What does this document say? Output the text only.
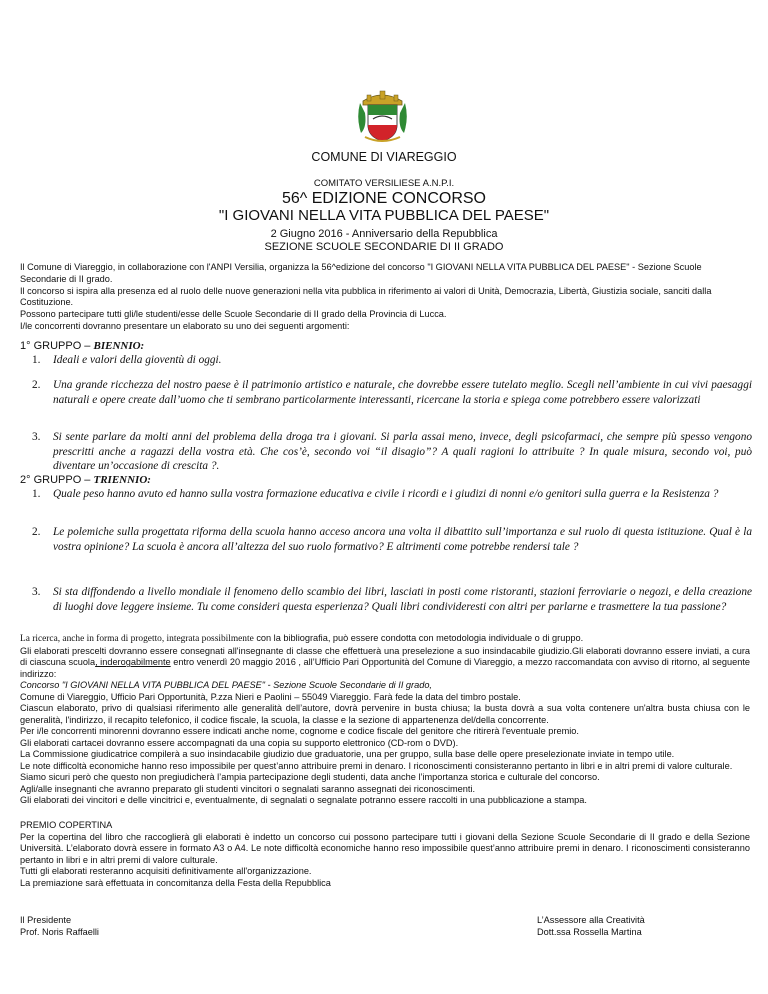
COMUNE DI VIAREGGIO
COMITATO VERSILIESE A.N.P.I.
56^ EDIZIONE CONCORSO
"I GIOVANI NELLA VITA PUBBLICA DEL PAESE"
2 Giugno 2016 - Anniversario della Repubblica
SEZIONE SCUOLE SECONDARIE DI II GRADO

Il Comune di Viareggio, in collaborazione con l'ANPI Versilia, organizza la 56^edizione del concorso "I GIOVANI NELLA VITA PUBBLICA DEL PAESE" - Sezione Scuole Secondarie di II grado.

Il concorso si ispira alla presenza ed al ruolo delle nuove generazioni nella vita pubblica in riferimento ai valori di Unità, Democrazia, Libertà, Giustizia sociale, sanciti dalla Costituzione.

Possono partecipare tutti gli/le studenti/esse delle Scuole Secondarie di II grado della Provincia di Lucca.

I/le concorrenti dovranno presentare un elaborato su uno dei seguenti argomenti:

1° GRUPPO – BIENNIO:
1. Ideali e valori della gioventù di oggi.
2. Una grande ricchezza del nostro paese è il patrimonio artistico e naturale, che dovrebbe essere tutelato meglio. Scegli nell’ambiente in cui vivi paesaggi naturali e opere create dall’uomo che ti sembrano particolarmente interessanti, ricercane la storia e spiega come potrebbero essere valorizzati
3. Si sente parlare da molti anni del problema della droga tra i giovani. Si parla assai meno, invece, degli psicofarmaci, che sempre più spesso vengono prescritti anche a ragazzi della vostra età. Che cos’è, secondo voi “il disagio”? A quali ragioni lo attribuite ? In quale misura, secondo voi, può diventare un’occasione di crescita ?.
2° GRUPPO – TRIENNIO:
1. Quale peso hanno avuto ed hanno sulla vostra formazione educativa e civile i ricordi e i giudizi di nonni e/o genitori sulla guerra e la Resistenza ?
2. Le polemiche sulla progettata riforma della scuola hanno acceso ancora una volta il dibattito sull’importanza e sul ruolo di questa istituzione. Qual è la vostra opinione? La scuola è ancora all’altezza del suo ruolo formativo? E altrimenti come potrebbe rendersi tale ?
3. Si sta diffondendo a livello mondiale il fenomeno dello scambio dei libri, lasciati in posti come ristoranti, stazioni ferroviarie o negozi, e della creazione di luoghi dove leggere insieme. Tu come consideri questa esperienza? Quali libri condivideresti con altri per parlarne e trasmettere la tua passione?

La ricerca, anche in forma di progetto, integrata possibilmente con la bibliografia, può essere condotta con metodologia individuale o di gruppo.

Gli elaborati prescelti dovranno essere consegnati all'insegnante di classe che effettuerà una preselezione a suo insindacabile giudizio.Gli elaborati dovranno essere inviati, a cura di ciascuna scuola, inderogabilmente entro venerdì 20 maggio 2016 , all’Ufficio Pari Opportunità del Comune di Viareggio, a mezzo raccomandata con avviso di ritorno, al seguente indirizzo:

Concorso "I GIOVANI NELLA VITA PUBBLICA DEL PAESE" - Sezione Scuole Secondarie di II grado,

Comune di Viareggio, Ufficio Pari Opportunità, P.zza Nieri e Paolini – 55049 Viareggio. Farà fede la data del timbro postale.

Ciascun elaborato, privo di qualsiasi riferimento alle generalità dell’autore, dovrà pervenire in busta chiusa; la busta dovrà a sua volta contenere un'altra busta chiusa con le generalità, l'indirizzo, il recapito telefonico, il codice fiscale, la scuola, la classe e la sezione di appartenenza del/della concorrente.

Per i/le concorrenti minorenni dovranno essere indicati anche nome, cognome e codice fiscale del genitore che ritirerà l'eventuale premio.

Gli elaborati cartacei dovranno essere accompagnati da una copia su supporto elettronico (CD-rom o DVD).

La Commissione giudicatrice compilerà a suo insindacabile giudizio due graduatorie, una per gruppo, sulla base delle opere preselezionate inviate in tempo utile.

Le note difficoltà economiche hanno reso impossibile per quest’anno attribuire premi in denaro. I riconoscimenti consisteranno pertanto in libri e in altri premi di valore culturale.

Siamo sicuri però che questo non pregiudicherà l’ampia partecipazione degli studenti, data anche l’importanza storica e culturale del concorso.

Agli/alle insegnanti che avranno preparato gli studenti vincitori o segnalati saranno assegnati dei riconoscimenti.

Gli elaborati dei vincitori e delle vincitrici e, eventualmente, di segnalati o segnalate potranno essere raccolti in una pubblicazione a stampa.

PREMIO COPERTINA

Per la copertina del libro che raccoglierà gli elaborati è indetto un concorso cui possono partecipare tutti i giovani della Sezione Scuole Secondarie di II grado e della Sezione Università. L’elaborato dovrà essere in formato A3 o A4. Le note difficoltà economiche hanno reso impossibile quest’anno attribuire premi in denaro. I riconoscimenti consisteranno pertanto in libri e in altri premi di valore culturale.

Tutti gli elaborati resteranno acquisiti definitivamente all'organizzazione.

La premiazione sarà effettuata in concomitanza della Festa della Repubblica

Il Presidente
Prof. Noris Raffaelli
L’Assessore alla Creatività
Dott.ssa Rossella Martina
